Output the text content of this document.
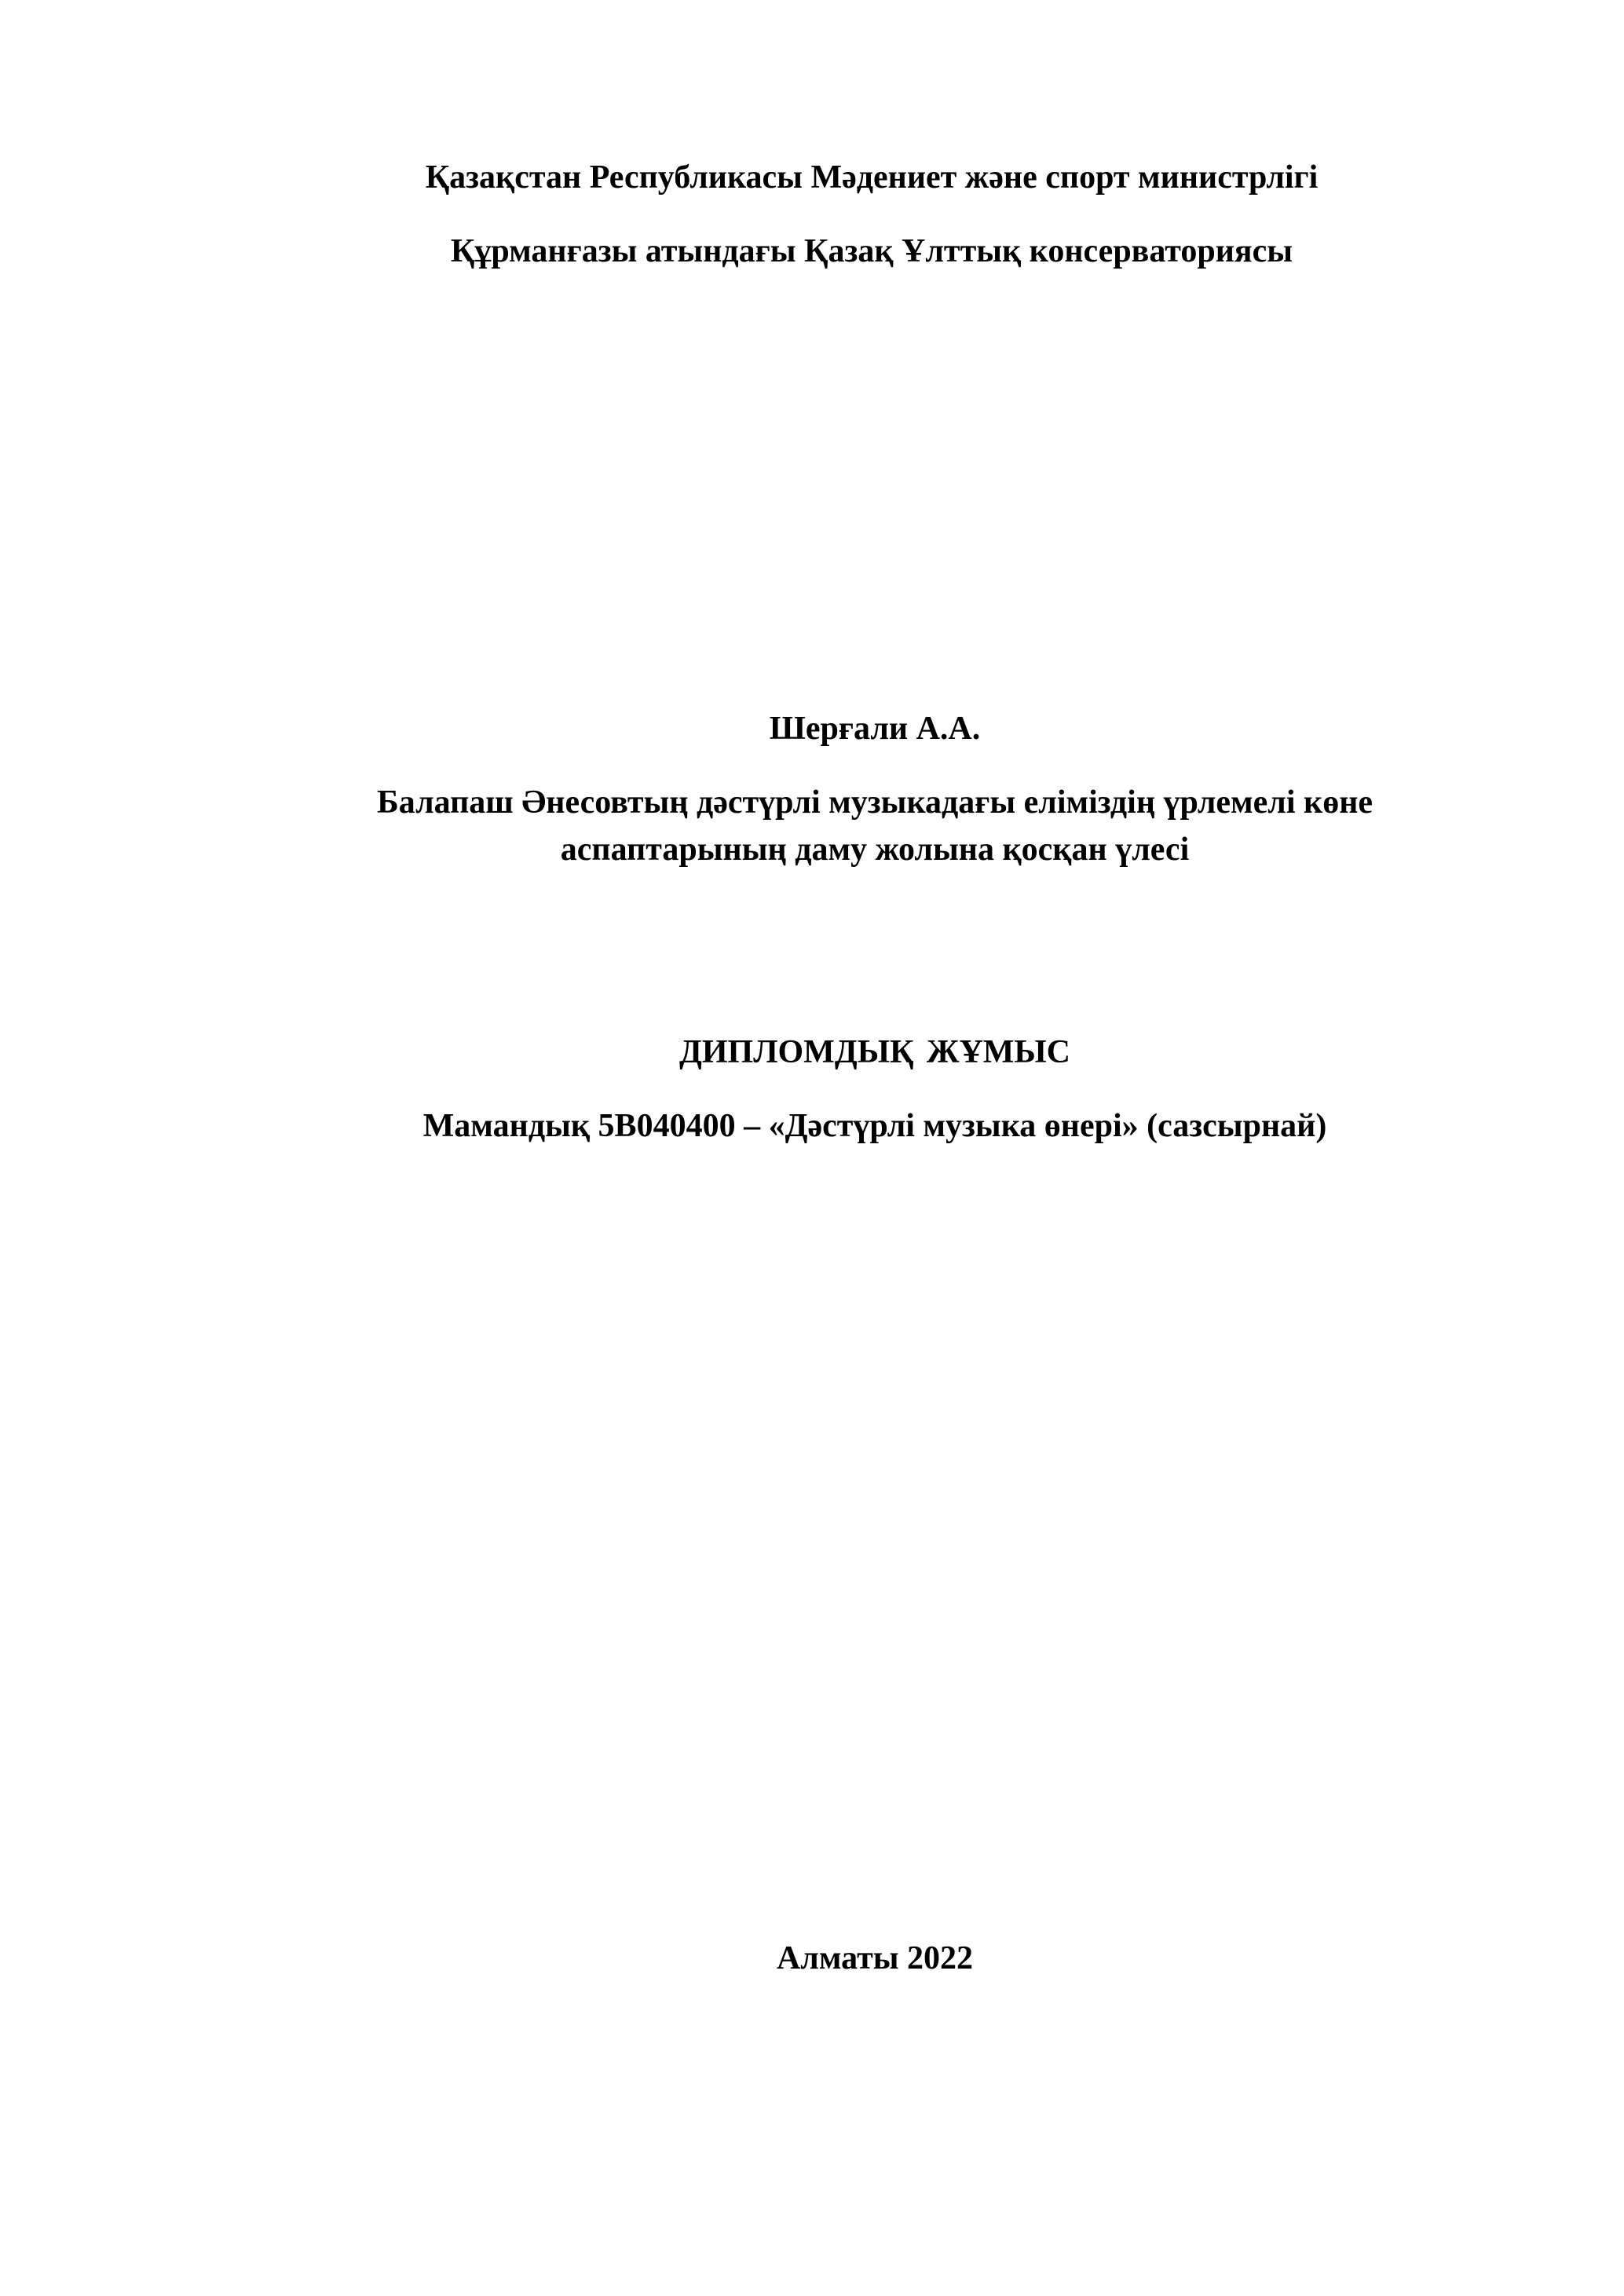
Қазақстан Республикасы Мәдениет және спорт министрлігі
Құрманғазы атындағы Қазақ Ұлттық консерваториясы
Шерғали А.А.
Балапаш Әнесовтың дәстүрлі музыкадағы еліміздің үрлемелі көне
аспаптарының даму жолына қосқан үлесі
ДИПЛОМДЫҚ ЖҰМЫС
Мамандық 5В040400 – «Дәстүрлі музыка өнері» (сазсырнай)
Алматы 2022
